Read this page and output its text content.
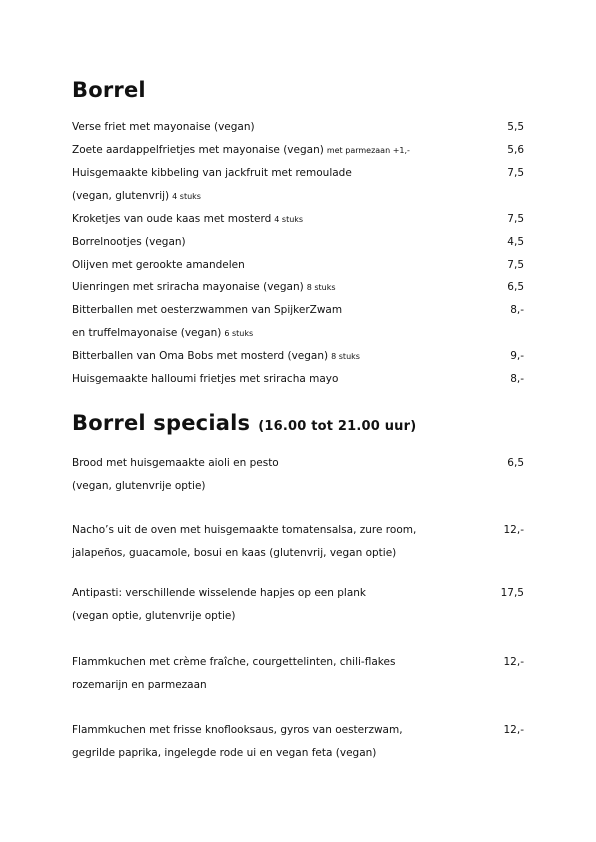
Borrel
Verse friet met mayonaise (vegan)	5,5
Zoete aardappelfrietjes met mayonaise (vegan) met parmezaan +1,-	5,6
Huisgemaakte kibbeling van jackfruit met remoulade	7,5
(vegan, glutenvrij) 4 stuks
Kroketjes van oude kaas met mosterd 4 stuks	7,5
Borrelnootjes (vegan)	4,5
Olijven met gerookte amandelen	7,5
Uienringen met sriracha mayonaise (vegan) 8 stuks	6,5
Bitterballen met oesterzwammen van SpijkerZwam	8,-
en truffelmayonaise (vegan) 6 stuks
Bitterballen van Oma Bobs met mosterd (vegan) 8 stuks	9,-
Huisgemaakte halloumi frietjes met sriracha mayo	8,-
Borrel specials (16.00 tot 21.00 uur)
Brood met huisgemaakte aioli en pesto	6,5
(vegan, glutenvrije optie)
Nacho’s uit de oven met huisgemaakte tomatensalsa, zure room,	12,-
jalapeños, guacamole, bosui en kaas (glutenvrij, vegan optie)
Antipasti: verschillende wisselende hapjes op een plank	17,5
(vegan optie, glutenvrije optie)
Flammkuchen met crème fraîche, courgettelinten, chili-flakes	12,-
rozemarijn en parmezaan
Flammkuchen met frisse knoflooksaus, gyros van oesterzwam,	12,-
gegrilde paprika, ingelegde rode ui en vegan feta (vegan)
